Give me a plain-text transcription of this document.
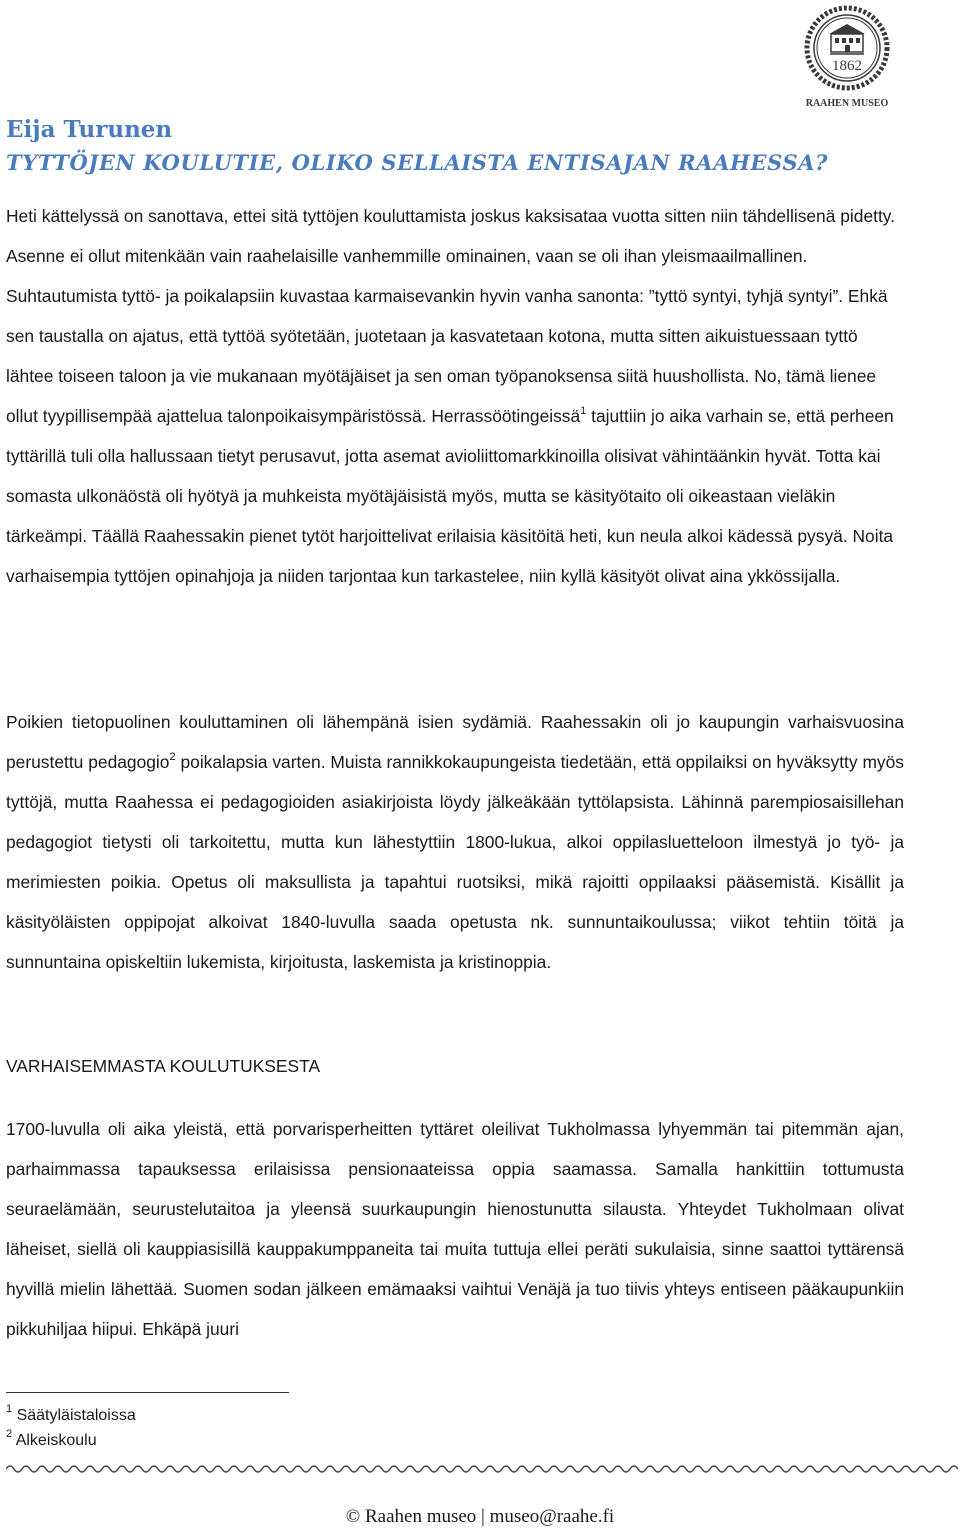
1862
RAAHEN MUSEO
Eija Turunen
TYTTÖJEN KOULUTIE, OLIKO SELLAISTA ENTISAJAN RAAHESSA?

Heti kättelyssä on sanottava, ettei sitä tyttöjen kouluttamista joskus kaksisataa vuotta sitten niin tähdellisenä pidetty. Asenne ei ollut mitenkään vain raahelaisille vanhemmille ominainen, vaan se oli ihan yleismaailmallinen. Suhtautumista tyttö- ja poikalapsiin kuvastaa karmaisevankin hyvin vanha sanonta: ”tyttö syntyi, tyhjä syntyi”. Ehkä sen taustalla on ajatus, että tyttöä syötetään, juotetaan ja kasvatetaan kotona, mutta sitten aikuistuessaan tyttö lähtee toiseen taloon ja vie mukanaan myötäjäiset ja sen oman työpanoksensa siitä huushollista. No, tämä lienee ollut tyypillisempää ajattelua talonpoikaisympäristössä. Herrassöötingeissä$^1$ tajuttiin jo aika varhain se, että perheen tyttärillä tuli olla hallussaan tietyt perusavut, jotta asemat avioliittomarkkinoilla olisivat vähintäänkin hyvät. Totta kai somasta ulkonäöstä oli hyötyä ja muhkeista myötäjäisistä myös, mutta se käsityötaito oli oikeastaan vieläkin tärkeämpi. Täällä Raahessakin pienet tytöt harjoittelivat erilaisia käsitöitä heti, kun neula alkoi kädessä pysyä. Noita varhaisempia tyttöjen opinahjoja ja niiden tarjontaa kun tarkastelee, niin kyllä käsityöt olivat aina ykkössijalla.

Poikien tietopuolinen kouluttaminen oli lähempänä isien sydämiä. Raahessakin oli jo kaupungin varhaisvuosina perustettu pedagogio$^2$ poikalapsia varten. Muista rannikkokaupungeista tiedetään, että oppilaiksi on hyväksytty myös tyttöjä, mutta Raahessa ei pedagogioiden asiakirjoista löydy jälkeäkään tyttölapsista. Lähinnä parempiosaisillehan pedagogiot tietysti oli tarkoitettu, mutta kun lähestyttiin 1800-lukua, alkoi oppilasluetteloon ilmestyä jo työ- ja merimiesten poikia. Opetus oli maksullista ja tapahtui ruotsiksi, mikä rajoitti oppilaaksi pääsemistä. Kisällit ja käsityöläisten oppipojat alkoivat 1840-luvulla saada opetusta nk. sunnuntaikoulussa; viikot tehtiin töitä ja sunnuntaina opiskeltiin lukemista, kirjoitusta, laskemista ja kristinoppia.

VARHAISEMMASTA KOULUTUKSESTA

1700-luvulla oli aika yleistä, että porvarisperheitten tyttäret oleilivat Tukholmassa lyhyemmän tai pitemmän ajan, parhaimmassa tapauksessa erilaisissa pensionaateissa oppia saamassa. Samalla hankittiin tottumusta seuraelämään, seurustelutaitoa ja yleensä suurkaupungin hienostunutta silausta. Yhteydet Tukholmaan olivat läheiset, siellä oli kauppiasisillä kauppakumppaneita tai muita tuttuja ellei peräti sukulaisia, sinne saattoi tyttärensä hyvillä mielin lähettää. Suomen sodan jälkeen emämaaksi vaihtui Venäjä ja tuo tiivis yhteys entiseen pääkaupunkiin pikkuhiljaa hiipui. Ehkäpä juuri

$^1$ Säätyläistaloissa

$^2$ Alkeiskoulu

© Raahen museo | museo@raahe.fi
